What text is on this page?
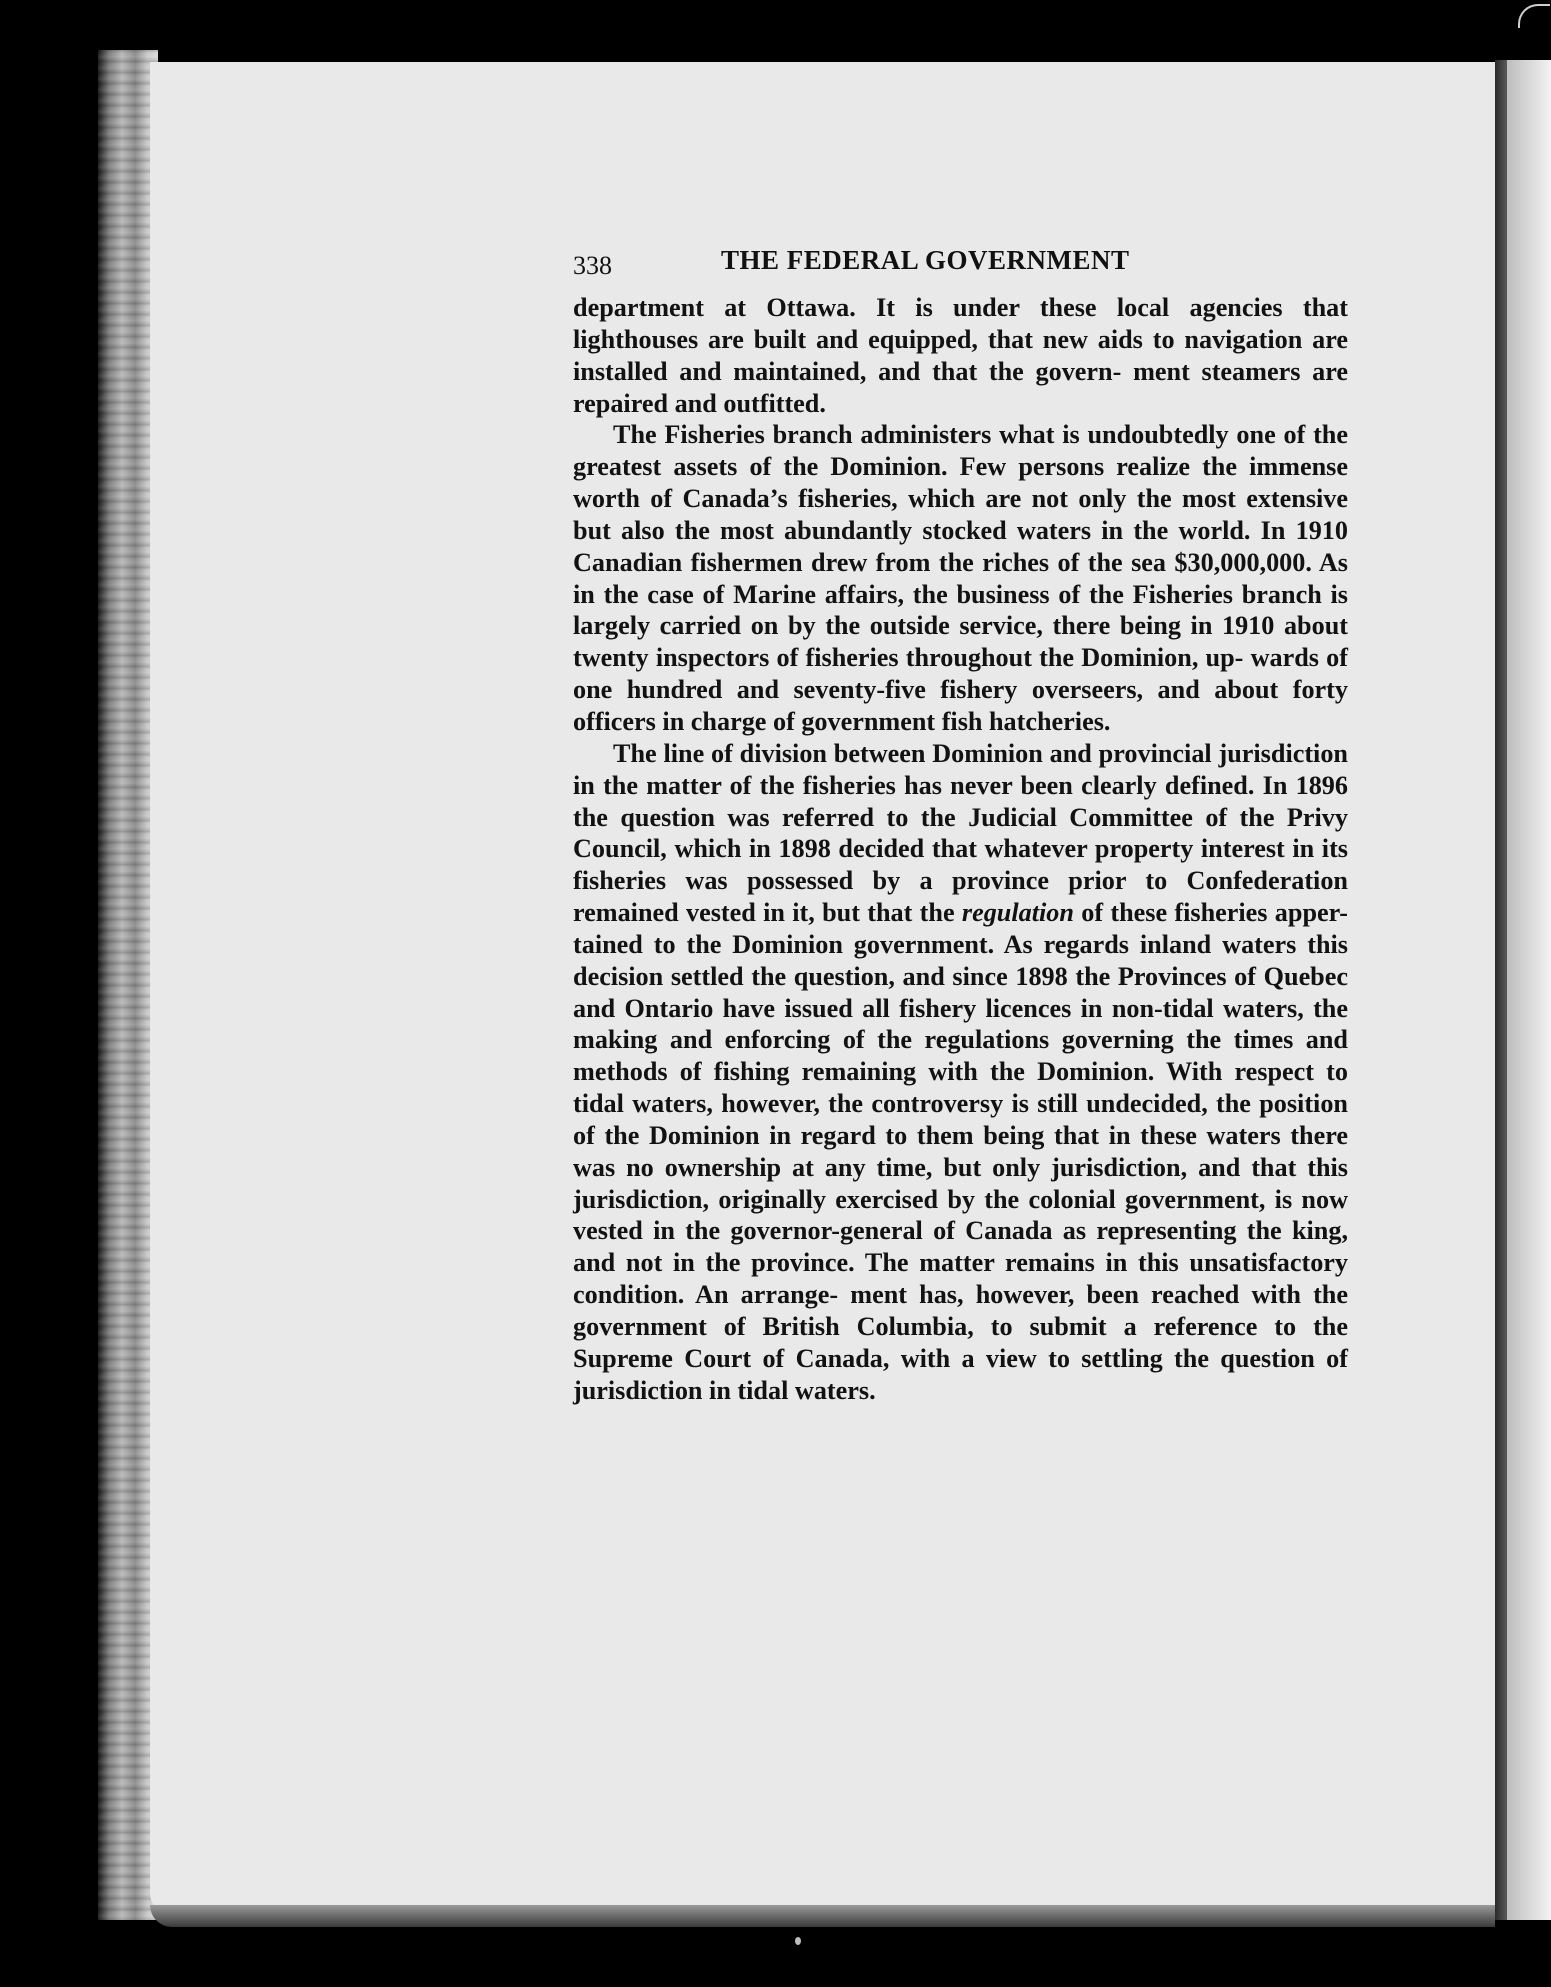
338	THE FEDERAL GOVERNMENT

department at Ottawa. It is under these local agencies that lighthouses are built and equipped, that new aids to navigation are installed and maintained, and that the govern- ment steamers are repaired and outfitted.

The Fisheries branch administers what is undoubtedly one of the greatest assets of the Dominion. Few persons realize the immense worth of Canada’s fisheries, which are not only the most extensive but also the most abundantly stocked waters in the world. In 1910 Canadian fishermen drew from the riches of the sea $30,000,000. As in the case of Marine affairs, the business of the Fisheries branch is largely carried on by the outside service, there being in 1910 about twenty inspectors of fisheries throughout the Dominion, up- wards of one hundred and seventy-five fishery overseers, and about forty officers in charge of government fish hatcheries.

The line of division between Dominion and provincial jurisdiction in the matter of the fisheries has never been clearly defined. In 1896 the question was referred to the Judicial Committee of the Privy Council, which in 1898 decided that whatever property interest in its fisheries was possessed by a province prior to Confederation remained vested in it, but that the regulation of these fisheries apper- tained to the Dominion government. As regards inland waters this decision settled the question, and since 1898 the Provinces of Quebec and Ontario have issued all fishery licences in non-tidal waters, the making and enforcing of the regulations governing the times and methods of fishing remaining with the Dominion. With respect to tidal waters, however, the controversy is still undecided, the position of the Dominion in regard to them being that in these waters there was no ownership at any time, but only jurisdiction, and that this jurisdiction, originally exercised by the colonial government, is now vested in the governor-general of Canada as representing the king, and not in the province. The matter remains in this unsatisfactory condition. An arrange- ment has, however, been reached with the government of British Columbia, to submit a reference to the Supreme Court of Canada, with a view to settling the question of jurisdiction in tidal waters.
